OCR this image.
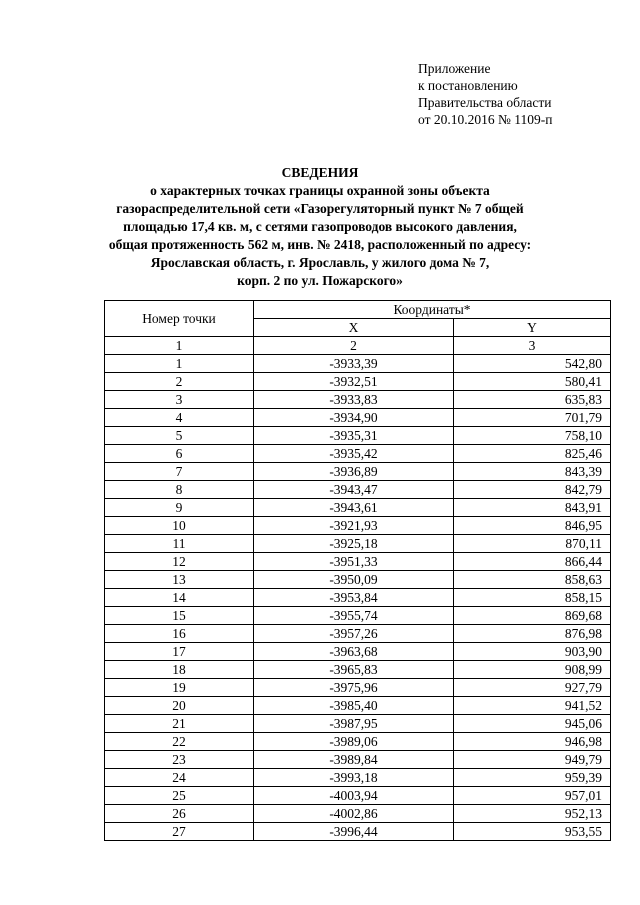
Приложение
к постановлению
Правительства области
от 20.10.2016 № 1109-п
СВЕДЕНИЯ
о характерных точках границы охранной зоны объекта
газораспределительной сети «Газорегуляторный пункт № 7 общей
площадью 17,4 кв. м, с сетями газопроводов высокого давления,
общая протяженность 562 м, инв. № 2418, расположенный по адресу:
Ярославская область, г. Ярославль, у жилого дома № 7,
корп. 2 по ул. Пожарского»
Номер точки	Координаты*	
	X	Y
1	2	3
1	-3933,39	542,80
2	-3932,51	580,41
3	-3933,83	635,83
4	-3934,90	701,79
5	-3935,31	758,10
6	-3935,42	825,46
7	-3936,89	843,39
8	-3943,47	842,79
9	-3943,61	843,91
10	-3921,93	846,95
11	-3925,18	870,11
12	-3951,33	866,44
13	-3950,09	858,63
14	-3953,84	858,15
15	-3955,74	869,68
16	-3957,26	876,98
17	-3963,68	903,90
18	-3965,83	908,99
19	-3975,96	927,79
20	-3985,40	941,52
21	-3987,95	945,06
22	-3989,06	946,98
23	-3989,84	949,79
24	-3993,18	959,39
25	-4003,94	957,01
26	-4002,86	952,13
27	-3996,44	953,55
